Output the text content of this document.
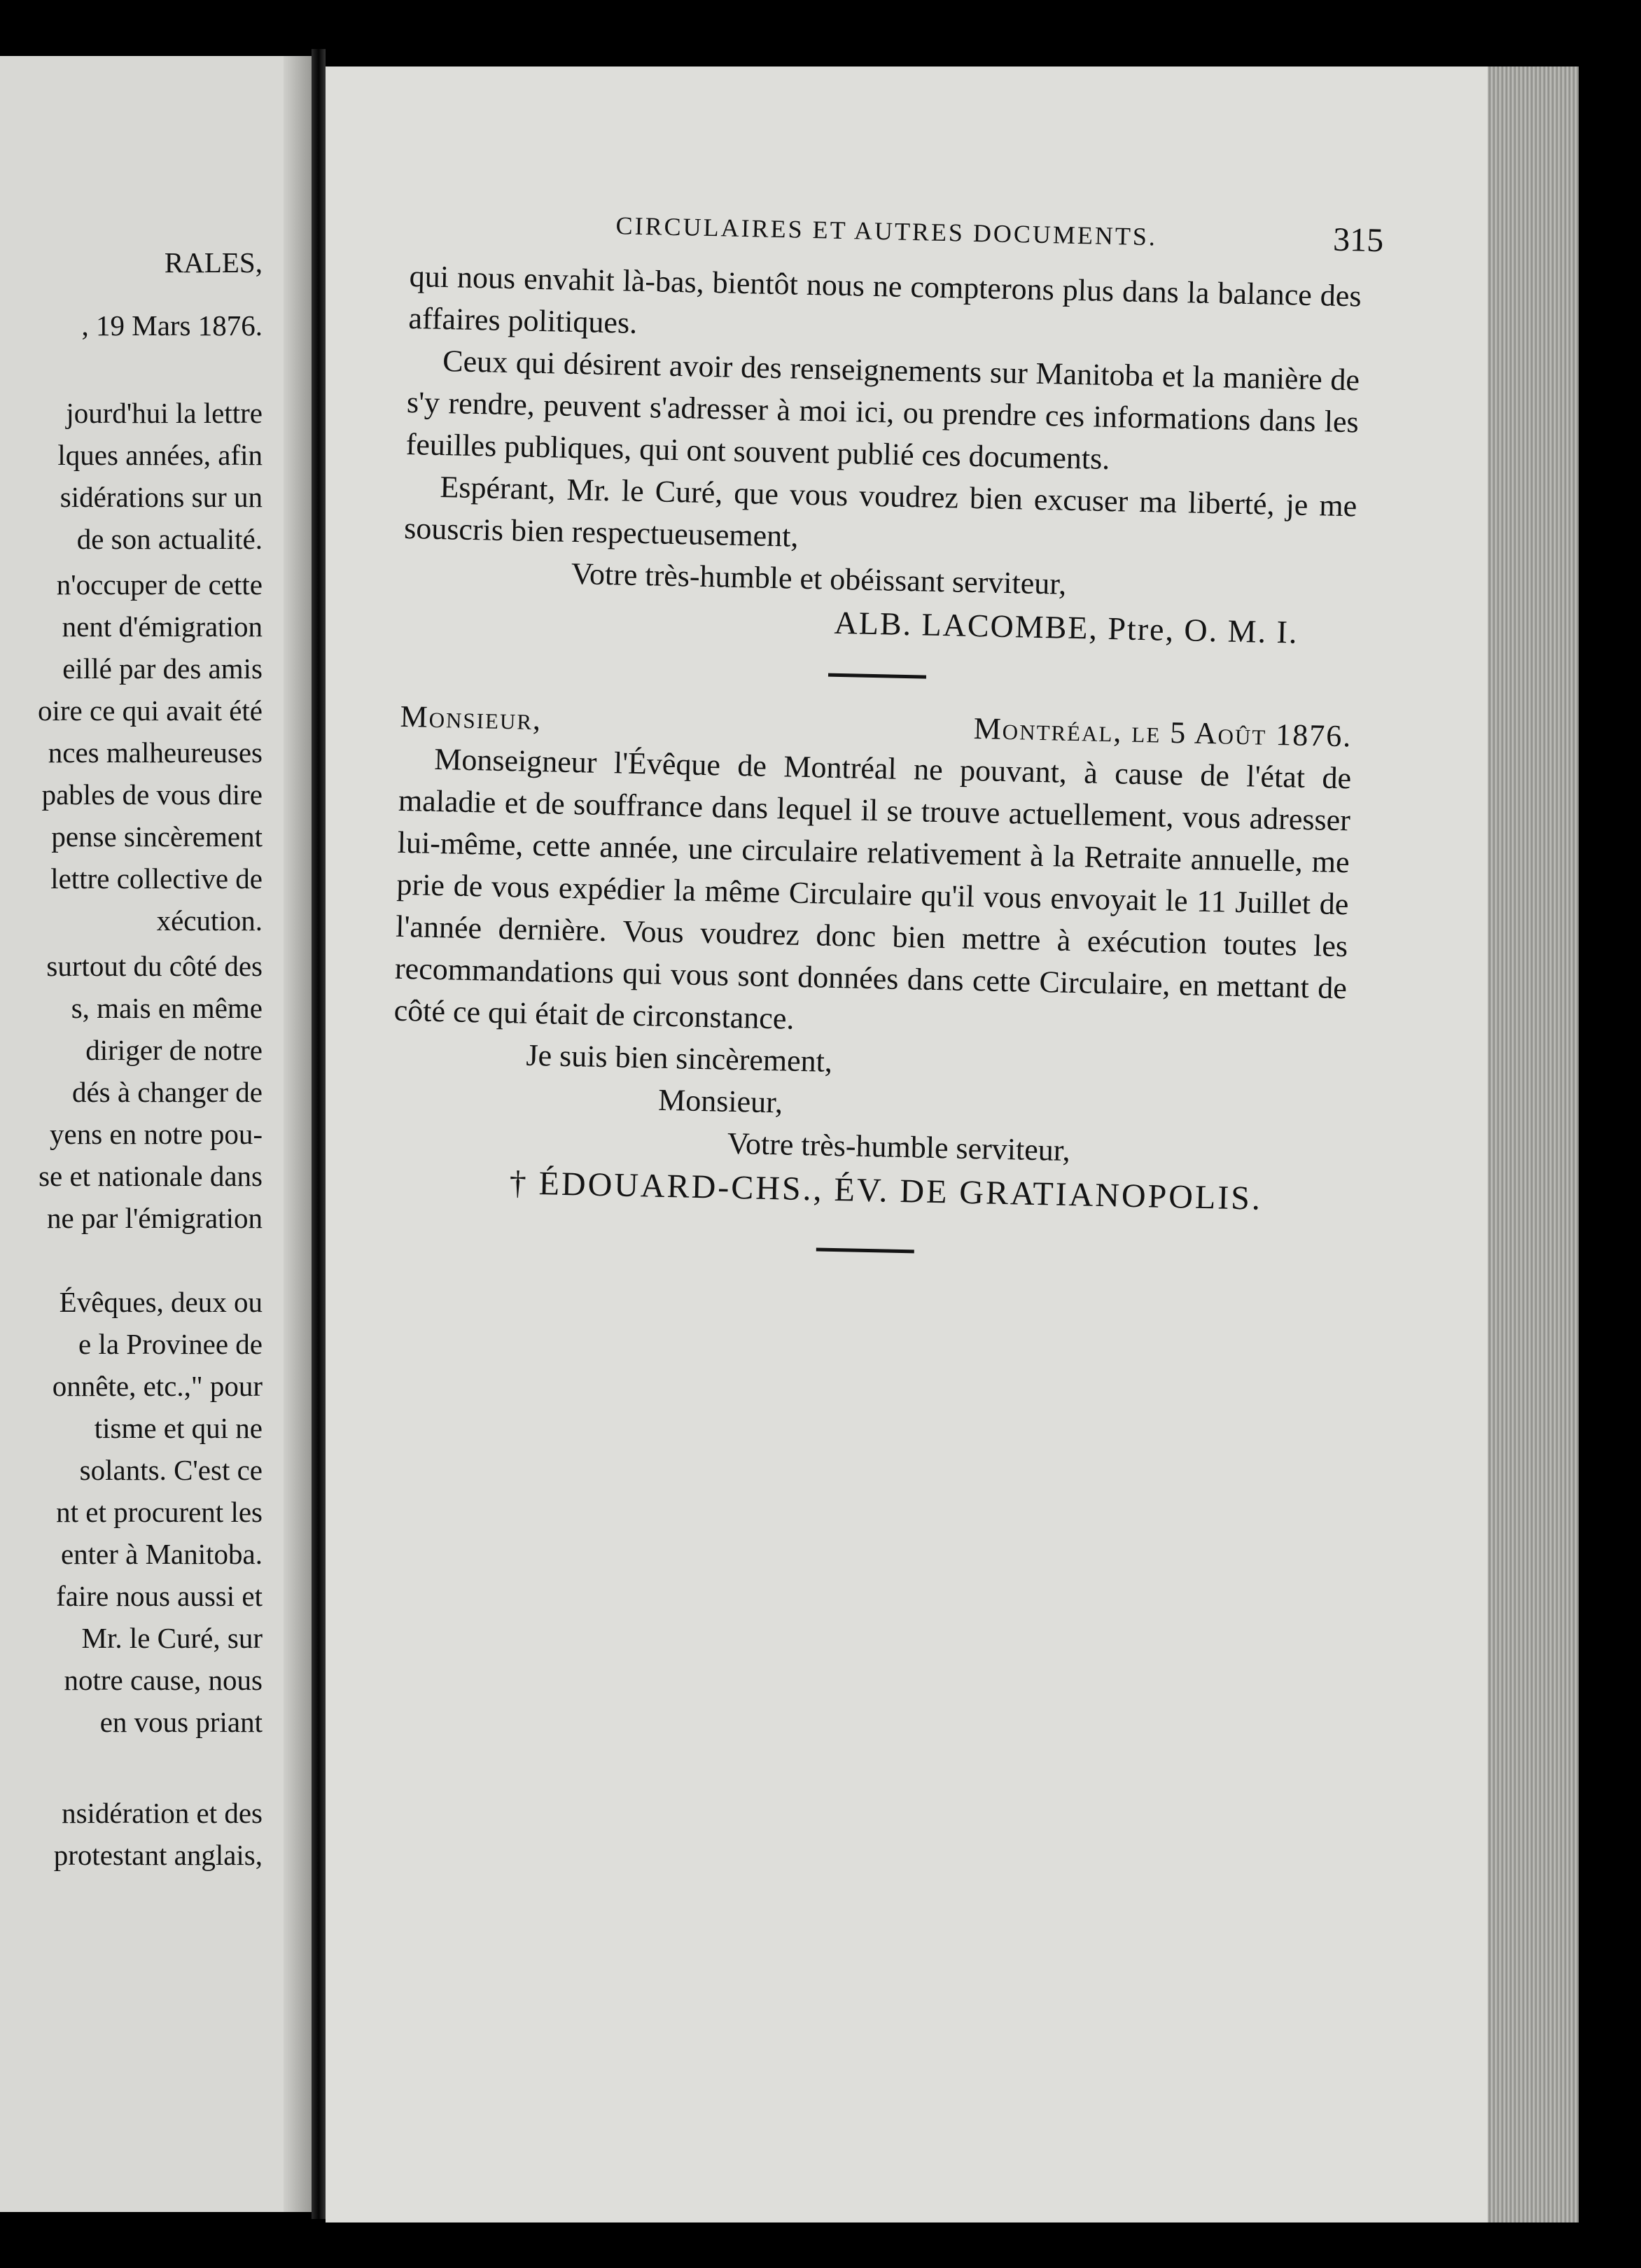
RALES,
, 19 Mars 1876.
jourd'hui la lettre
lques années, afin
sidérations sur un
de son actualité.
n'occuper de cette
nent d'émigration
eillé par des amis
oire ce qui avait été
nces malheureuses
pables de vous dire
pense sincèrement
lettre collective de
xécution.
surtout du côté des
s, mais en même
diriger de notre
dés à changer de
yens en notre pou-
se et nationale dans
ne par l'émigration
Évêques, deux ou
e la Provinee de
onnête, etc.," pour
tisme et qui ne
solants. C'est ce
nt et procurent les
enter à Manitoba.
faire nous aussi et
Mr. le Curé, sur
notre cause, nous
en vous priant
nsidération et des
protestant anglais,
CIRCULAIRES ET AUTRES DOCUMENTS.	315

qui nous envahit là-bas, bientôt nous ne compterons plus dans la balance des affaires politiques.

Ceux qui désirent avoir des renseignements sur Manitoba et la manière de s'y rendre, peuvent s'adresser à moi ici, ou prendre ces informations dans les feuilles publiques, qui ont souvent publié ces documents.

Espérant, Mr. le Curé, que vous voudrez bien excuser ma liberté, je me souscris bien respectueusement,

Votre très-humble et obéissant serviteur,

ALB. LACOMBE, Ptre, O. M. I.
Monsieur,	Montréal, le 5 Août 1876.

Monseigneur l'Évêque de Montréal ne pouvant, à cause de l'état de maladie et de souffrance dans lequel il se trouve actuellement, vous adresser lui-même, cette année, une circulaire relativement à la Retraite annuelle, me prie de vous expédier la même Circulaire qu'il vous envoyait le 11 Juillet de l'année dernière. Vous voudrez donc bien mettre à exécution toutes les recommandations qui vous sont données dans cette Circulaire, en mettant de côté ce qui était de circonstance.

Je suis bien sincèrement,

Monsieur,

Votre très-humble serviteur,

† ÉDOUARD-CHS., ÉV. DE GRATIANOPOLIS.
